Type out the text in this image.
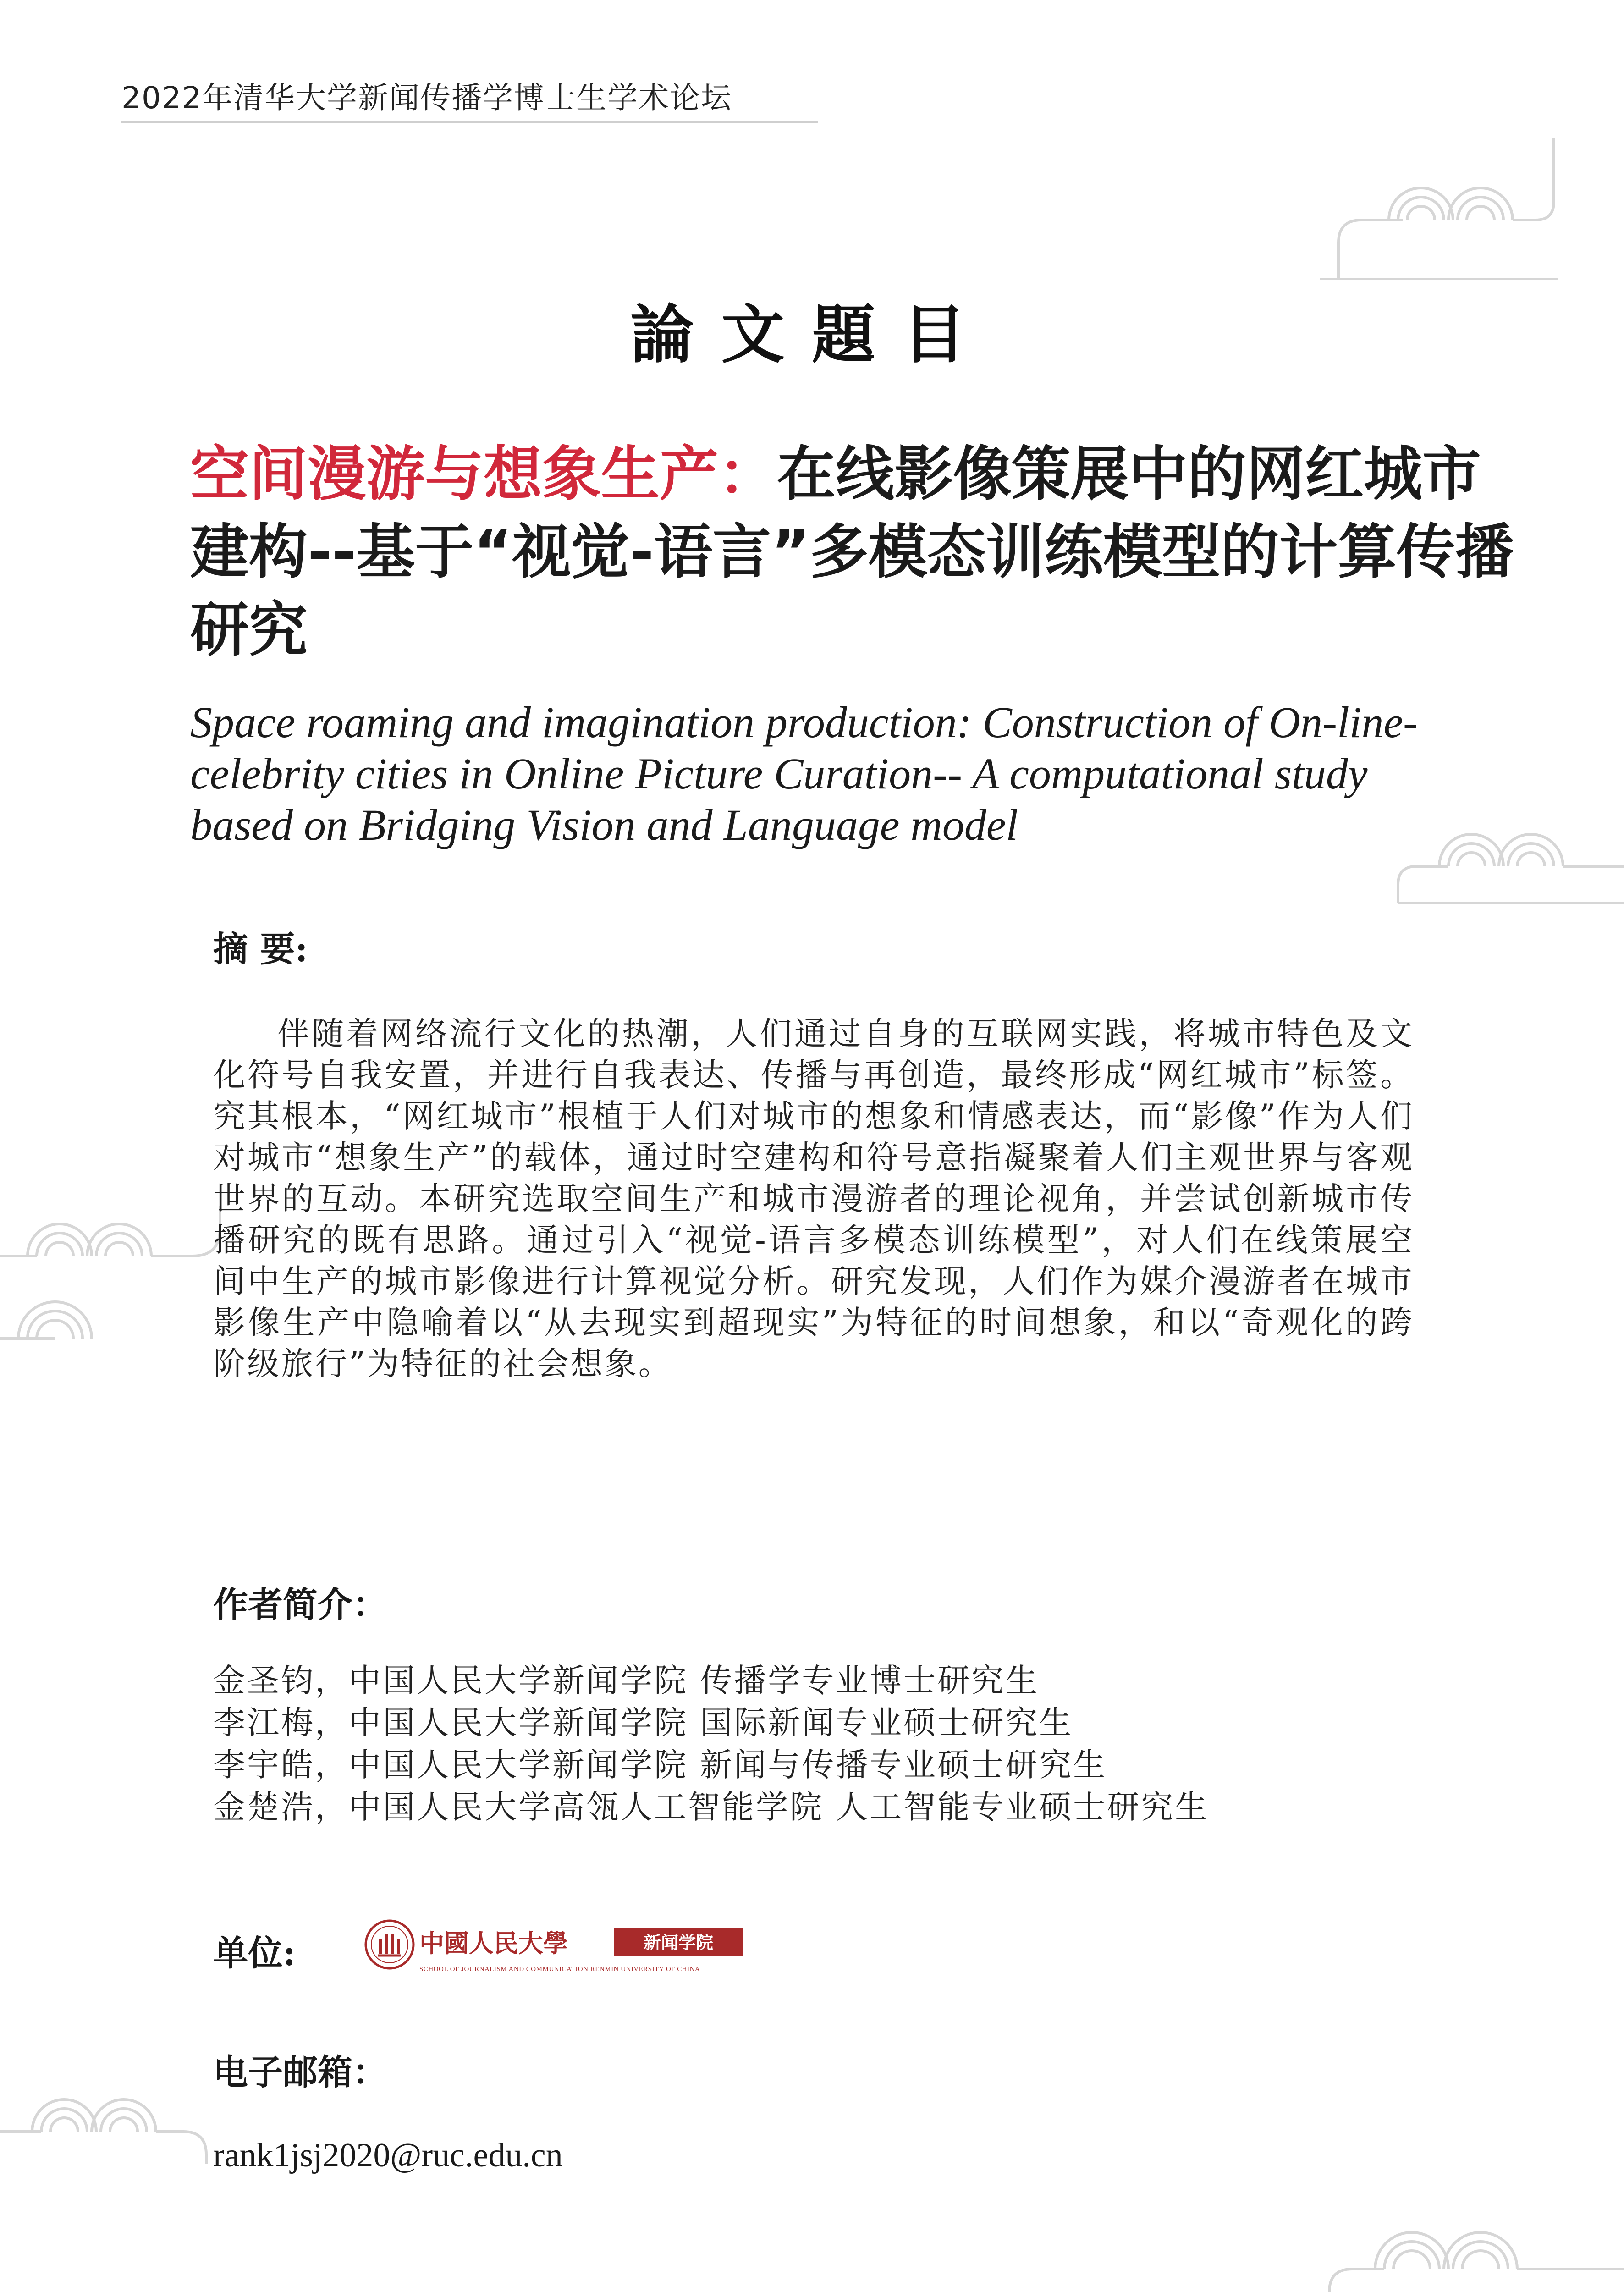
2022年清华大学新闻传播学博士生学术论坛
論文題目
空间漫游与想象生产：在线影像策展中的网红城市建构--基于“视觉-语言”多模态训练模型的计算传播研究
Space roaming and imagination production: Construction of On-line-celebrity cities in Online Picture Curation-- A computational study based on Bridging Vision and Language model
摘 要:
伴随着网络流行文化的热潮，人们通过自身的互联网实践，将城市特色及文化符号自我安置，并进行自我表达、传播与再创造，最终形成“网红城市”标签。究其根本，“网红城市”根植于人们对城市的想象和情感表达，而“影像”作为人们对城市“想象生产”的载体，通过时空建构和符号意指凝聚着人们主观世界与客观世界的互动。本研究选取空间生产和城市漫游者的理论视角，并尝试创新城市传播研究的既有思路。通过引入“视觉-语言多模态训练模型”，对人们在线策展空间中生产的城市影像进行计算视觉分析。研究发现，人们作为媒介漫游者在城市影像生产中隐喻着以“从去现实到超现实”为特征的时间想象，和以“奇观化的跨阶级旅行”为特征的社会想象。
作者简介：
金圣钧，中国人民大学新闻学院 传播学专业博士研究生
李江梅，中国人民大学新闻学院 国际新闻专业硕士研究生
李宇皓，中国人民大学新闻学院 新闻与传播专业硕士研究生
金楚浩，中国人民大学高瓴人工智能学院 人工智能专业硕士研究生
单位:	中國人民大學	新闻学院
SCHOOL OF JOURNALISM AND COMMUNICATION RENMIN UNIVERSITY OF CHINA
电子邮箱：
rank1jsj2020@ruc.edu.cn
